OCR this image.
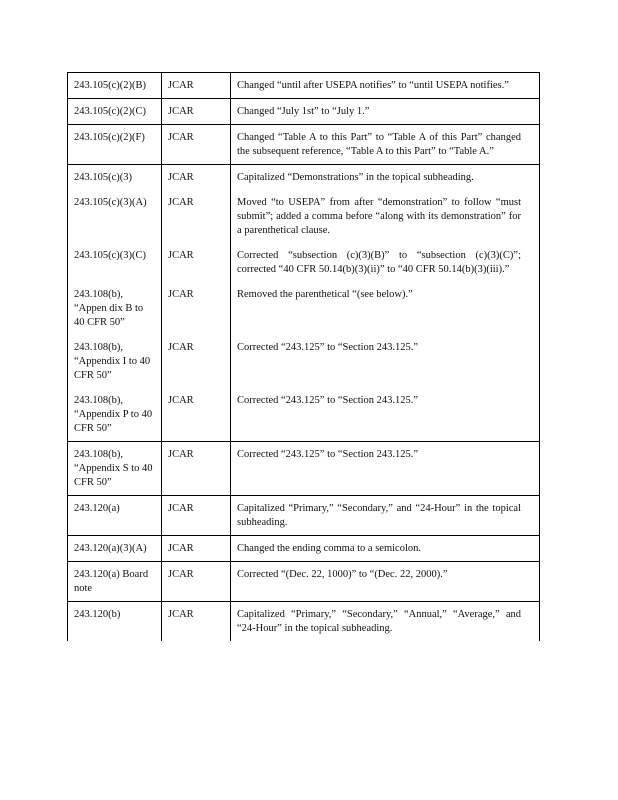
243.105(c)(2)(B)	JCAR	Changed “until after USEPA notifies” to “until USEPA notifies.”
243.105(c)(2)(C)	JCAR	Changed “July 1st” to “July 1.”
243.105(c)(2)(F)	JCAR	Changed “Table A to this Part” to “Table A of this Part” changed the subsequent reference, “Table A to this Part” to “Table A.”
243.105(c)(3)	JCAR	Capitalized “Demonstrations” in the topical subheading.
243.105(c)(3)(A)	JCAR	Moved “to USEPA” from after “demonstration” to follow “must submit”; added a comma before “along with its demonstration” for a parenthetical clause.
243.105(c)(3)(C)	JCAR	Corrected “subsection (c)(3)(B)” to “subsection (c)(3)(C)”; corrected “40 CFR 50.14(b)(3)(ii)” to “40 CFR 50.14(b)(3)(iii).”
243.108(b), “Appen dix B to 40 CFR 50”	JCAR	Removed the parenthetical “(see below).”
243.108(b), “Appendix I to 40 CFR 50”	JCAR	Corrected “243.125” to “Section 243.125.”
243.108(b), “Appendix P to 40 CFR 50”	JCAR	Corrected “243.125” to “Section 243.125.”
243.108(b), “Appendix S to 40 CFR 50”	JCAR	Corrected “243.125” to “Section 243.125.”
243.120(a)	JCAR	Capitalized “Primary,” “Secondary,” and “24-Hour” in the topical subheading.
243.120(a)(3)(A)	JCAR	Changed the ending comma to a semicolon.
243.120(a) Board note	JCAR	Corrected “(Dec. 22, 1000)” to “(Dec. 22, 2000).”
243.120(b)	JCAR	Capitalized “Primary,” “Secondary,” “Annual,” “Average,” and “24-Hour” in the topical subheading.
